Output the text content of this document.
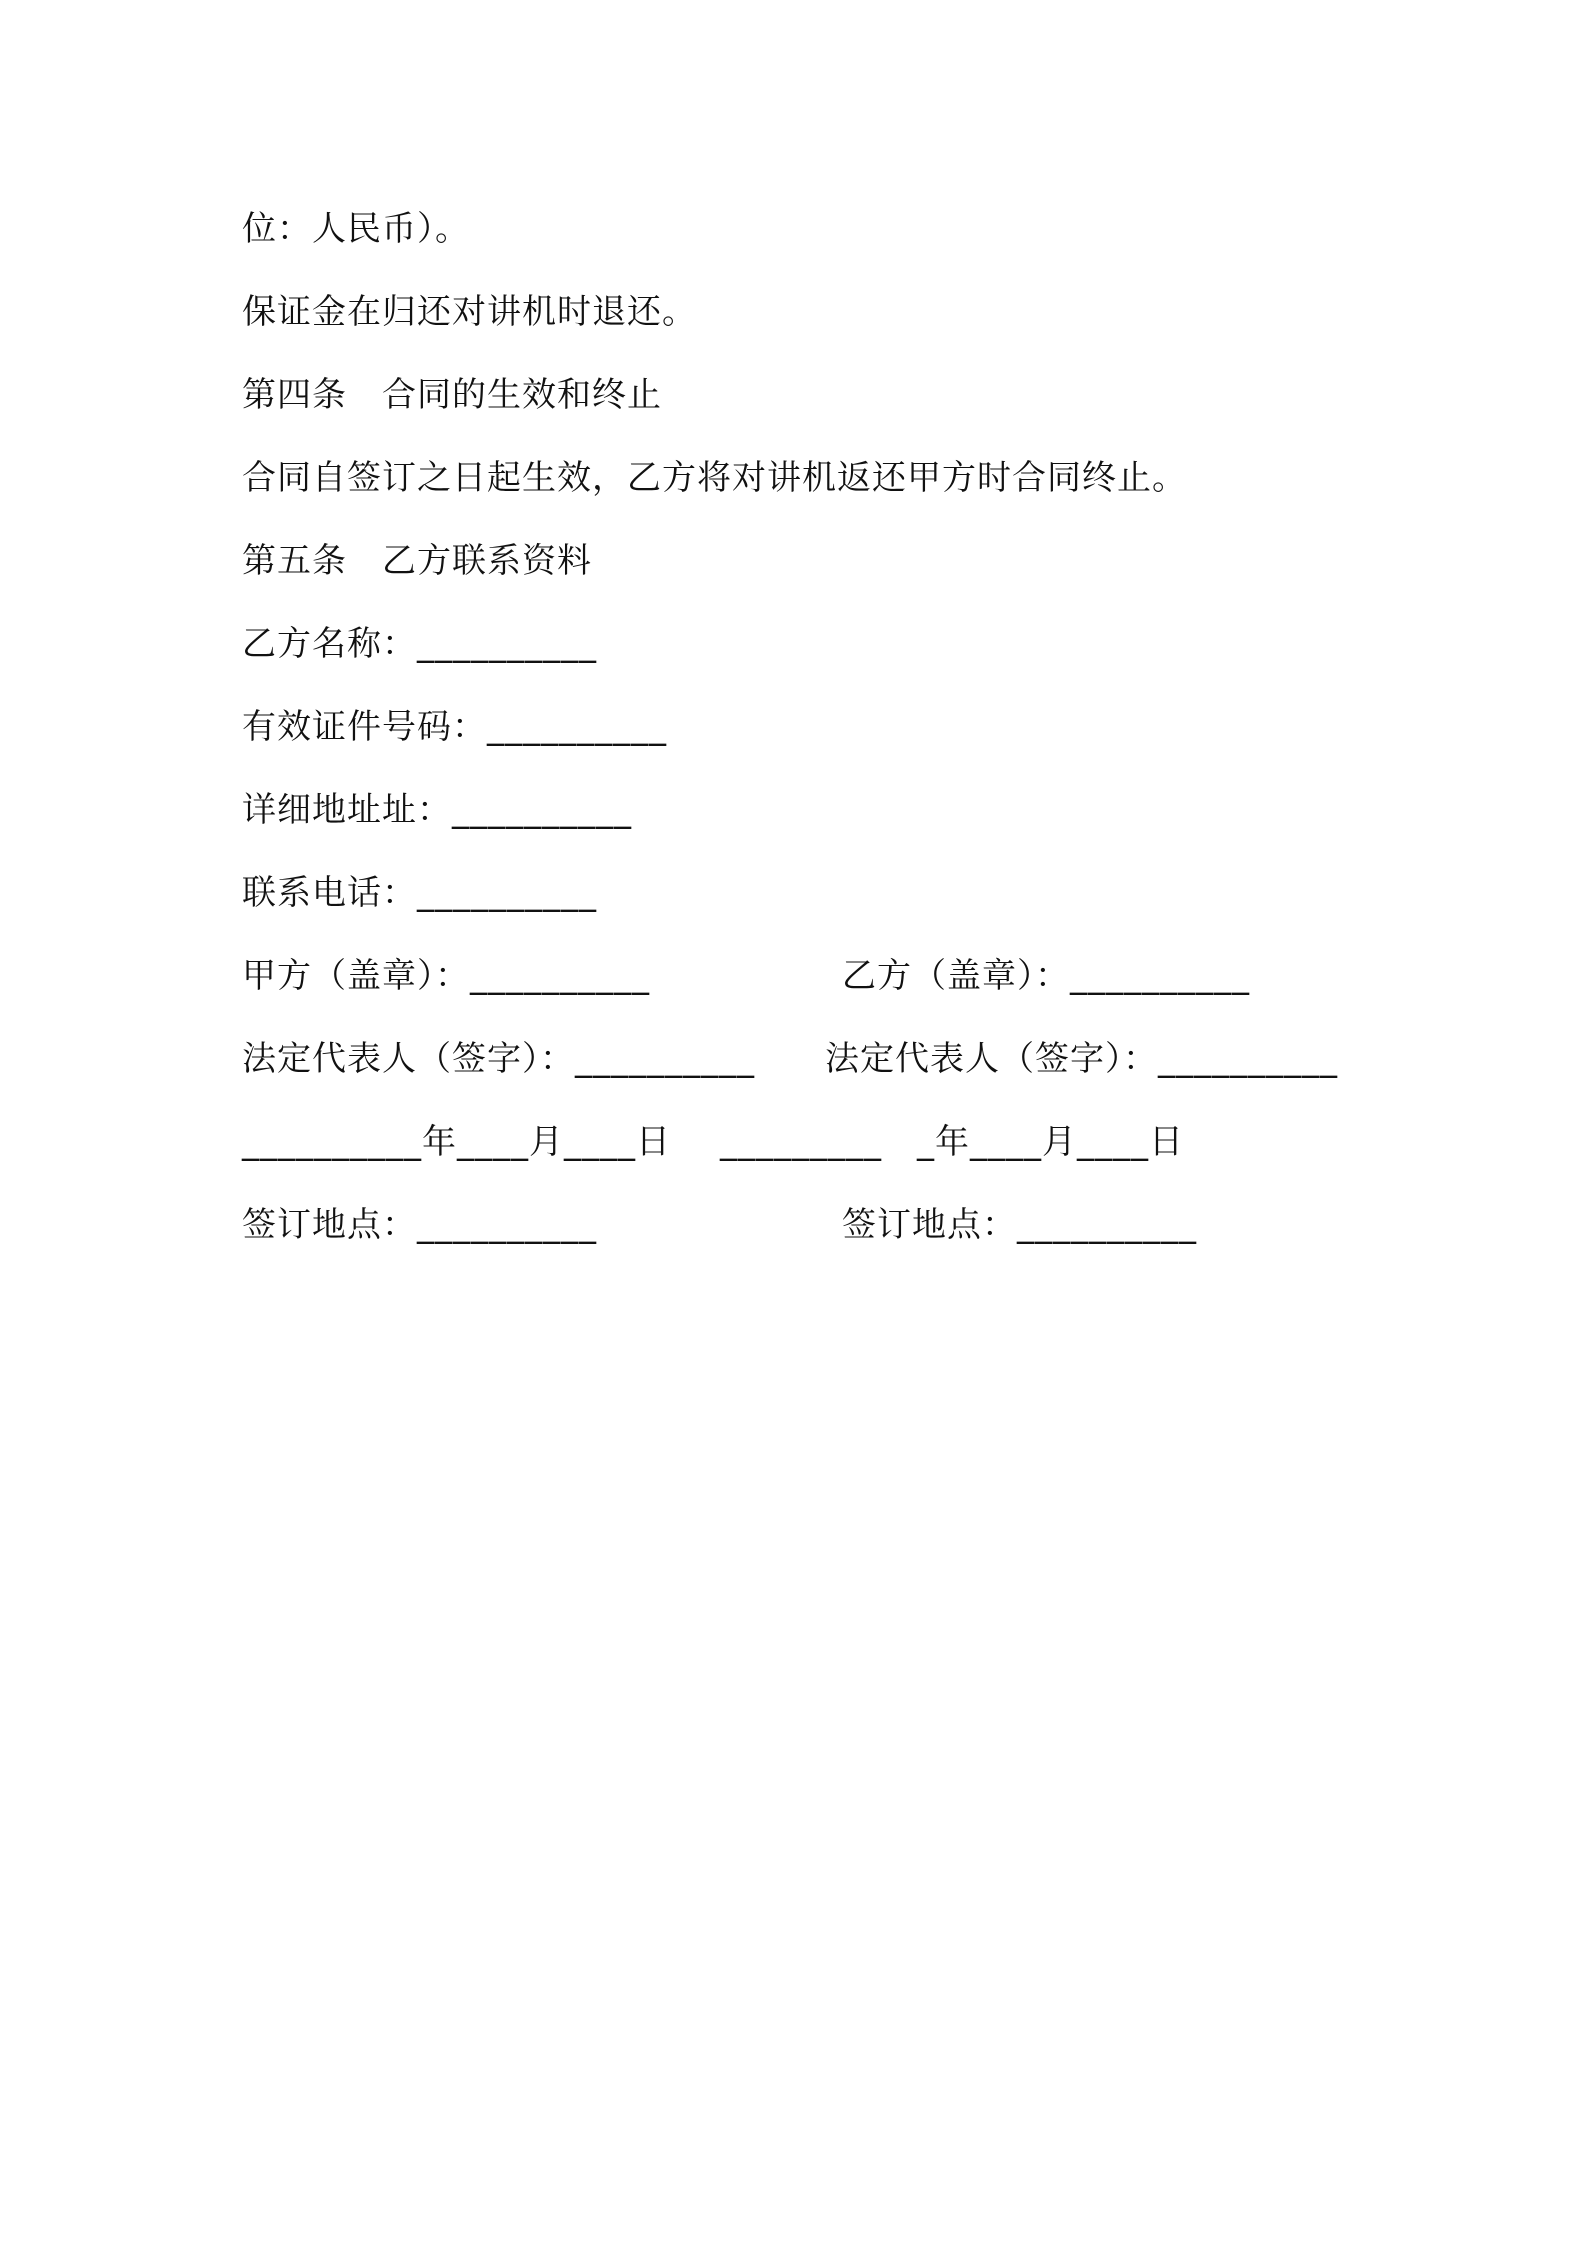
位：人民币）。
保证金在归还对讲机时退还。
第四条　合同的生效和终止
合同自签订之日起生效，乙方将对讲机返还甲方时合同终止。
第五条　乙方联系资料
乙方名称：__________
有效证件号码：__________
详细地址址：__________
联系电话：__________
甲方（盖章）：__________	乙方（盖章）：__________
法定代表人（签字）：__________ 法定代表人（签字）：__________
__________年____月____日 _________　_年____月____日
签订地点：__________	签订地点：__________
